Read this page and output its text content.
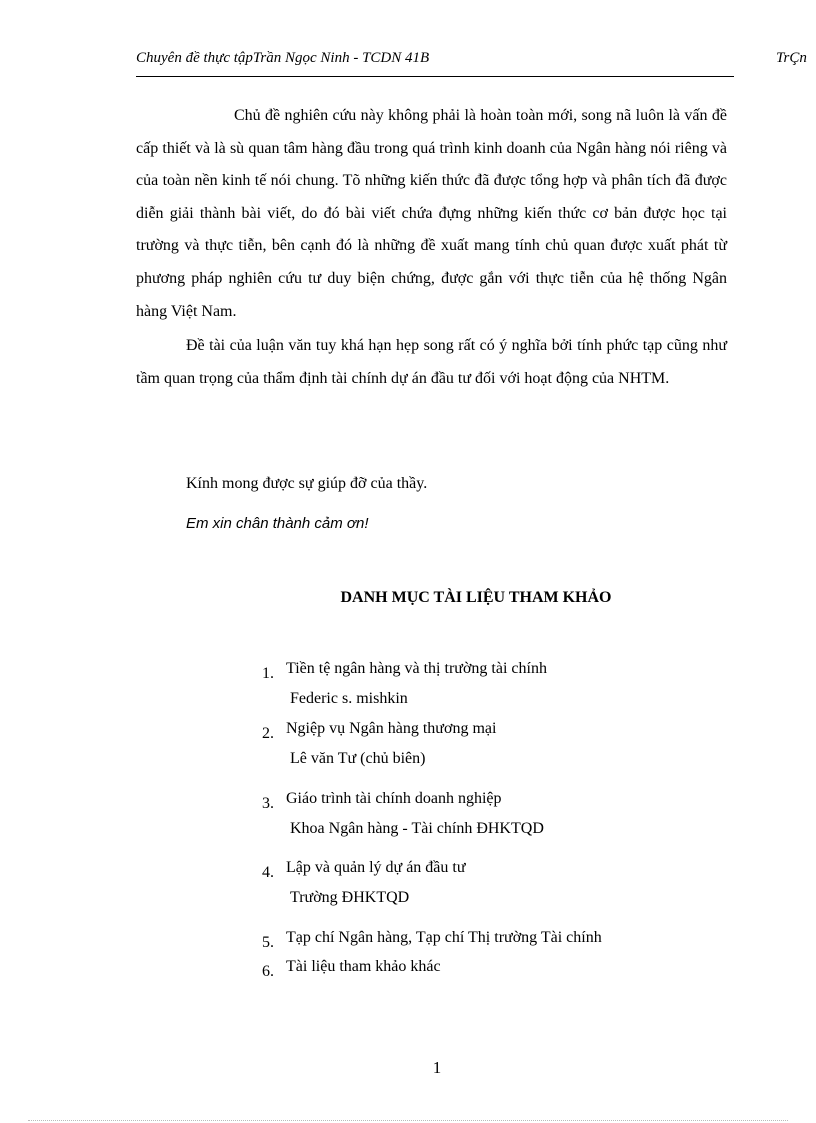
Chuyên đề thực tậpTrần Ngọc Ninh - TCDN 41B	TrÇn

Chủ đề nghiên cứu này không phải là hoàn toàn mới, song nã luôn là vấn đề cấp thiết và là sù quan tâm hàng đầu trong quá trình kinh doanh của Ngân hàng nói riêng và của toàn nền kinh tế nói chung. Tõ những kiến thức đã được tổng hợp và phân tích đã được diễn giải thành bài viết, do đó bài viết chứa đựng những kiến thức cơ bản được học tại trường và thực tiễn, bên cạnh đó là những đề xuất mang tính chủ quan được xuất phát từ phương pháp nghiên cứu tư duy biện chứng, được gắn với thực tiễn của hệ thống Ngân hàng Việt Nam.

Đề tài của luận văn tuy khá hạn hẹp song rất có ý nghĩa bởi tính phức tạp cũng như tầm quan trọng của thẩm định tài chính dự án đầu tư đối với hoạt động của NHTM.

Kính mong được sự giúp đỡ của thầy.
Em xin chân thành cảm ơn!
DANH MỤC TÀI LIỆU THAM KHẢO
1. Tiền tệ ngân hàng và thị trường tài chính
Federic s. mishkin
2. Ngiệp vụ Ngân hàng thương mại
Lê văn Tư (chủ biên)
3. Giáo trình tài chính doanh nghiệp
Khoa Ngân hàng - Tài chính ĐHKTQD
4. Lập và quản lý dự án đầu tư
Trường ĐHKTQD
5. Tạp chí Ngân hàng, Tạp chí Thị trường Tài chính
6. Tài liệu tham khảo khác
1
